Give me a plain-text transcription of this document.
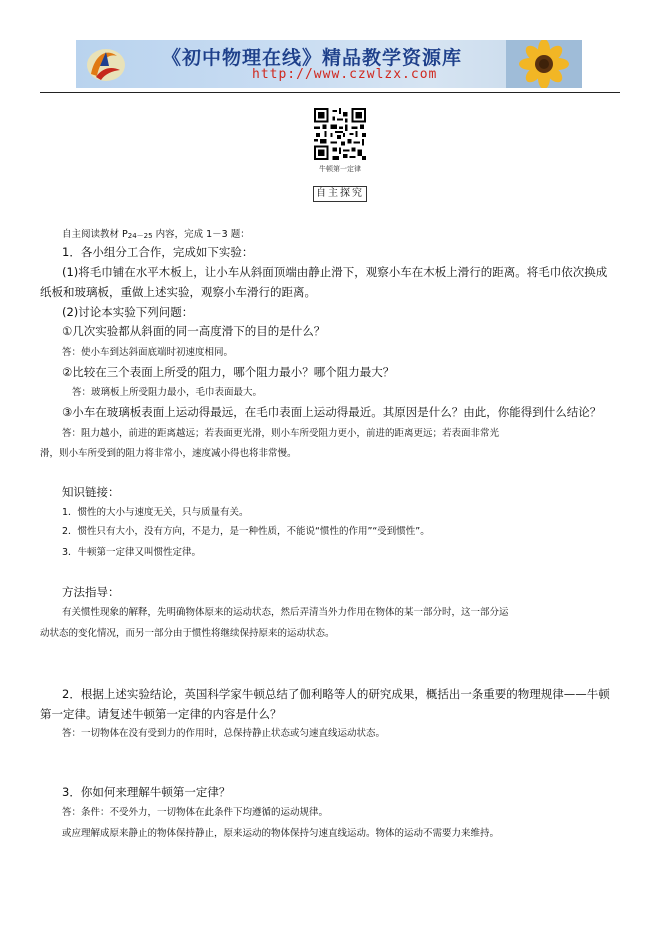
《初中物理在线》精品教学资源库
http://www.czwlzx.com
牛顿第一定律
自主探究
自主阅读教材 P24－25 内容，完成 1－3 题：
1．各小组分工合作，完成如下实验：
(1)将毛巾铺在水平木板上，让小车从斜面顶端由静止滑下，观察小车在木板上滑行的距离。将毛巾依次换成
纸板和玻璃板，重做上述实验，观察小车滑行的距离。
(2)讨论本实验下列问题：
①几次实验都从斜面的同一高度滑下的目的是什么？
答：使小车到达斜面底端时初速度相同。
②比较在三个表面上所受的阻力，哪个阻力最小？哪个阻力最大？
答：玻璃板上所受阻力最小，毛巾表面最大。
③小车在玻璃板表面上运动得最远，在毛巾表面上运动得最近。其原因是什么？由此，你能得到什么结论？
答：阻力越小，前进的距离越远；若表面更光滑，则小车所受阻力更小，前进的距离更远；若表面非常光
滑，则小车所受到的阻力将非常小，速度减小得也将非常慢。
知识链接：
1．惯性的大小与速度无关，只与质量有关。
2．惯性只有大小，没有方向，不是力，是一种性质，不能说“惯性的作用”“受到惯性”。
3．牛顿第一定律又叫惯性定律。
方法指导：
有关惯性现象的解释，先明确物体原来的运动状态，然后弄清当外力作用在物体的某一部分时，这一部分运
动状态的变化情况，而另一部分由于惯性将继续保持原来的运动状态。
2．根据上述实验结论，英国科学家牛顿总结了伽利略等人的研究成果，概括出一条重要的物理规律——牛顿
第一定律。请复述牛顿第一定律的内容是什么？
答：一切物体在没有受到力的作用时，总保持静止状态或匀速直线运动状态。
3．你如何来理解牛顿第一定律？
答：条件：不受外力，一切物体在此条件下均遵循的运动规律。
或应理解成原来静止的物体保持静止，原来运动的物体保持匀速直线运动。物体的运动不需要力来维持。
